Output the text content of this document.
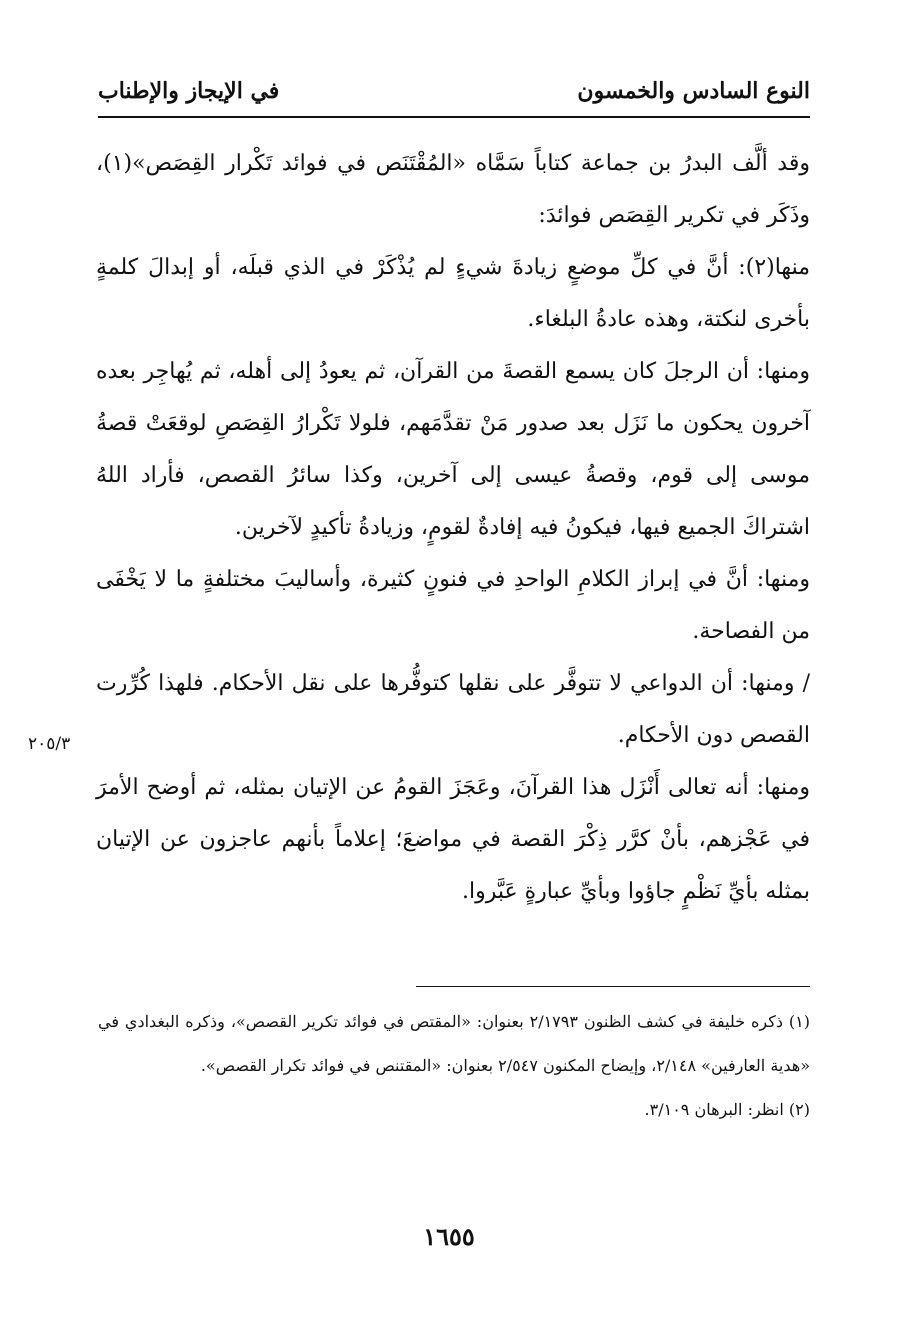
النوع السادس والخمسون
في الإيجاز والإطناب

وقد ألَّف البدرُ بن جماعة كتاباً سَمَّاه «المُقْتَنَص في فوائد تَكْرار القِصَص»(١)، وذَكَر في تكرير القِصَص فوائدَ:

منها(٢): أنَّ في كلِّ موضعٍ زيادةَ شيءٍ لم يُذْكَرْ في الذي قبلَه، أو إبدالَ كلمةٍ بأخرى لنكتة، وهذه عادةُ البلغاء.

ومنها: أن الرجلَ كان يسمع القصةَ من القرآن، ثم يعودُ إلى أهله، ثم يُهاجِر بعده آخرون يحكون ما نَزَل بعد صدور مَنْ تقدَّمَهم، فلولا تَكْرارُ القِصَصِ لوقعَتْ قصةُ موسى إلى قوم، وقصةُ عيسى إلى آخرين، وكذا سائرُ القصص، فأراد اللهُ اشتراكَ الجميع فيها، فيكونُ فيه إفادةٌ لقومٍ، وزيادةُ تأكيدٍ لآخرين.

ومنها: أنَّ في إبراز الكلامِ الواحدِ في فنونٍ كثيرة، وأساليبَ مختلفةٍ ما لا يَخْفَى من الفصاحة.

/ ومنها: أن الدواعي لا تتوفَّر على نقلها كتوفُّرها على نقل الأحكام. فلهذا كُرِّرت القصص دون الأحكام.

ومنها: أنه تعالى أَنْزَل هذا القرآنَ، وعَجَزَ القومُ عن الإتيان بمثله، ثم أوضح الأمرَ في عَجْزهم، بأنْ كرَّر ذِكْرَ القصة في مواضعَ؛ إعلاماً بأنهم عاجزون عن الإتيان بمثله بأيِّ نَظْمٍ جاؤوا وبأيِّ عبارةٍ عَبَّروا.

٢٠٥/٣

(١) ذكره خليفة في كشف الظنون ٢/١٧٩٣ بعنوان: «المقتص في فوائد تكرير القصص»، وذكره البغدادي في «هدية العارفين» ٢/١٤٨، وإيضاح المكنون ٢/٥٤٧ بعنوان: «المقتنص في فوائد تكرار القصص».

(٢) انظر: البرهان ٣/١٠٩.

١٦٥٥
